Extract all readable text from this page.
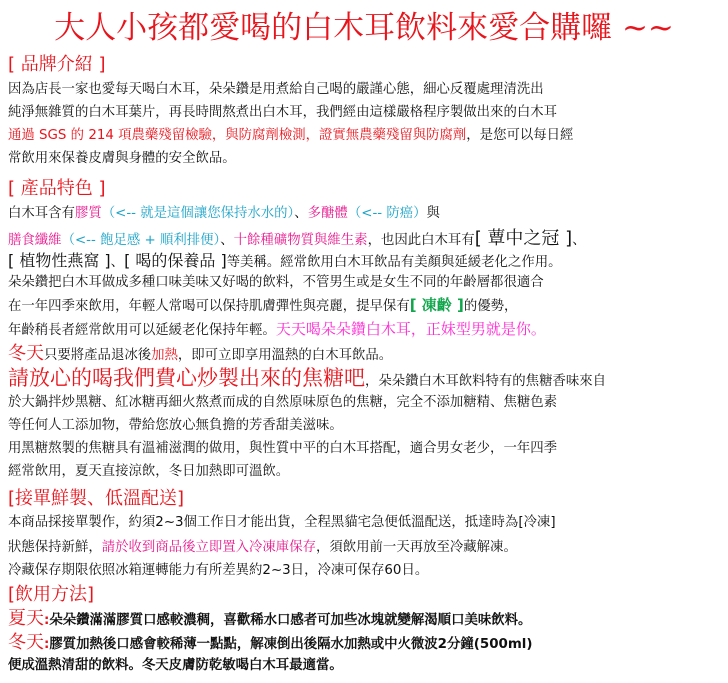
大人小孩都愛喝的白木耳飲料來愛合購囉 ~~
[ 品牌介紹 ]
因為店長一家也愛每天喝白木耳，朵朵鑽是用煮給自己喝的嚴謹心態，細心反覆處理清洗出
純淨無雜質的白木耳葉片，再長時間熬煮出白木耳，我們經由這樣嚴格程序製做出來的白木耳
通過 SGS 的 214 項農藥殘留檢驗，與防腐劑檢測，證實無農藥殘留與防腐劑，是您可以每日經
常飲用來保養皮膚與身體的安全飲品。
[ 產品特色 ]
白木耳含有膠質（<-- 就是這個讓您保持水水的）、多醣體（<-- 防癌）與
膳食纖維（<-- 飽足感 + 順利排便）、十餘種礦物質與維生素，也因此白木耳有[ 蕈中之冠 ]、
[ 植物性燕窩 ]、[ 喝的保養品 ]等美稱。經常飲用白木耳飲品有美顏與延緩老化之作用。
朵朵鑽把白木耳做成多種口味美味又好喝的飲料，不管男生或是女生不同的年齡層都很適合
在一年四季來飲用，年輕人常喝可以保持肌膚彈性與亮麗，提早保有[ 凍齡 ]的優勢，
年齡稍長者經常飲用可以延緩老化保持年輕。天天喝朵朵鑽白木耳，正妹型男就是你。
冬天只要將產品退冰後加熱，即可立即享用溫熱的白木耳飲品。
請放心的喝我們費心炒製出來的焦糖吧，朵朵鑽白木耳飲料特有的焦糖香味來自
於大鍋拌炒黑糖、紅冰糖再細火熬煮而成的自然原味原色的焦糖，完全不添加糖精、焦糖色素
等任何人工添加物，帶給您放心無負擔的芳香甜美滋味。
用黑糖熬製的焦糖具有溫補滋潤的做用，與性質中平的白木耳搭配，適合男女老少，一年四季
經常飲用，夏天直接涼飲，冬日加熱即可溫飲。
[接單鮮製、低溫配送]
本商品採接單製作，約須2~3個工作日才能出貨，全程黑貓宅急便低溫配送，抵達時為[冷凍]
狀態保持新鮮，請於收到商品後立即置入冷凍庫保存，須飲用前一天再放至冷藏解凍。
冷藏保存期限依照冰箱運轉能力有所差異約2~3日，冷凍可保存60日。
[飲用方法]
夏天:朵朵鑽滿滿膠質口感較濃稠，喜歡稀水口感者可加些冰塊就變解渴順口美味飲料。
冬天:膠質加熱後口感會較稀薄一點點，解凍倒出後隔水加熱或中火微波2分鐘(500ml)
便成溫熱清甜的飲料。冬天皮膚防乾敏喝白木耳最適當。
